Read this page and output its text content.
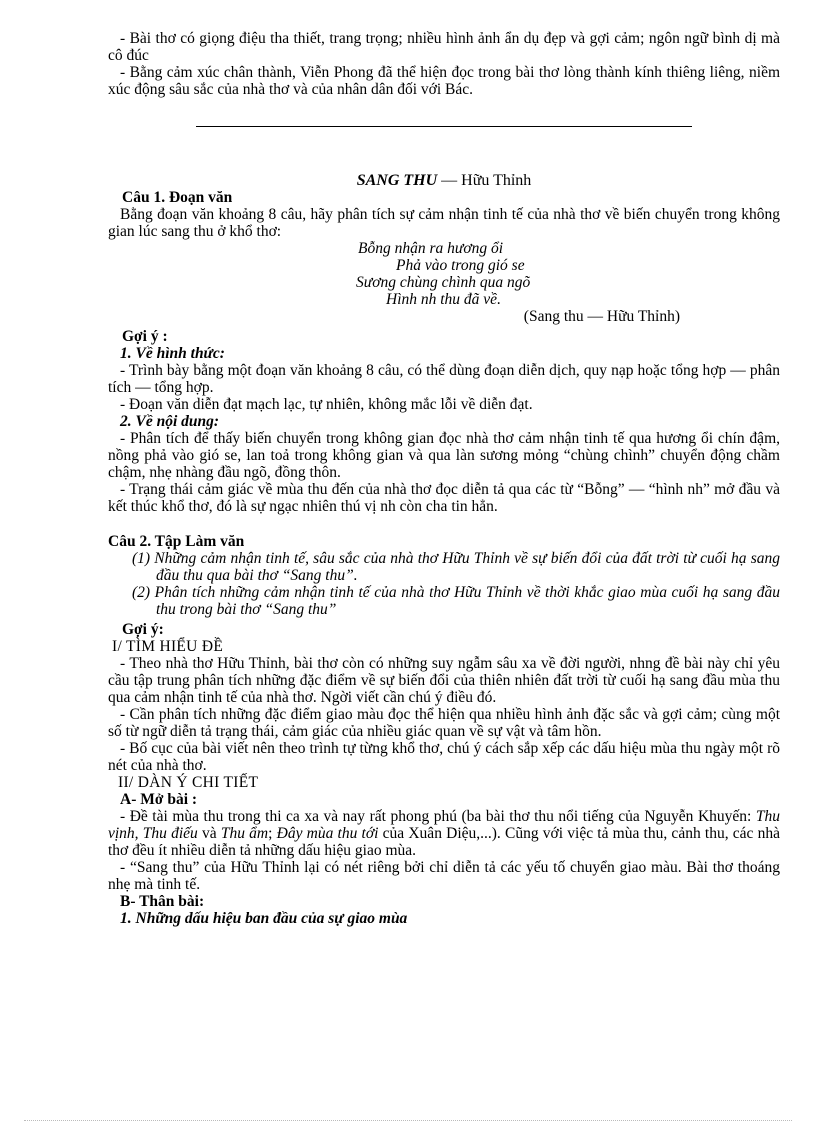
- Bài thơ có giọng điệu tha thiết, trang trọng; nhiều hình ảnh ẩn dụ đẹp và gợi cảm; ngôn ngữ bình dị mà cô đúc

- Bằng cảm xúc chân thành, Viễn Phong đã thể hiện đọc trong bài thơ lòng thành kính thiêng liêng, niềm xúc động sâu sắc của nhà thơ và của nhân dân đối với Bác.

SANG THU — Hữu Thỉnh

Câu 1. Đoạn văn

Bằng đoạn văn khoảng 8 câu, hãy phân tích sự cảm nhận tinh tế của nhà thơ về biến chuyển trong không gian lúc sang thu ở khổ thơ:

Bỗng nhận ra hương ổi

Phả vào trong gió se

Sương chùng chình qua ngõ

Hình nh thu đã về.

(Sang thu — Hữu Thỉnh)

Gợi ý :

1. Về hình thức:

- Trình bày bằng một đoạn văn khoảng 8 câu, có thể dùng đoạn diễn dịch, quy nạp hoặc tổng hợp — phân tích — tổng hợp.

- Đoạn văn diễn đạt mạch lạc, tự nhiên, không mắc lỗi về diễn đạt.

2. Về nội dung:

- Phân tích để thấy biến chuyển trong không gian đọc nhà thơ cảm nhận tinh tế qua hương ổi chín đậm, nồng phả vào gió se, lan toả trong không gian và qua làn sương mỏng “chùng chình” chuyển động chầm chậm, nhẹ nhàng đầu ngõ, đồng thôn.

- Trạng thái cảm giác về mùa thu đến của nhà thơ đọc diễn tả qua các từ “Bỗng” — “hình nh” mở đầu và kết thúc khổ thơ, đó là sự ngạc nhiên thú vị nh còn cha tin hẳn.

Câu 2. Tập Làm văn

(1) Những cảm nhận tinh tế, sâu sắc của nhà thơ Hữu Thỉnh về sự biến đổi của đất trời từ cuối hạ sang đầu thu qua bài thơ “Sang thu”.

(2) Phân tích những cảm nhận tinh tế của nhà thơ Hữu Thỉnh về thời khắc giao mùa cuối hạ sang đầu thu trong bài thơ “Sang thu”

Gợi ý:

I/ TÌM HIỂU ĐỀ

- Theo nhà thơ Hữu Thỉnh, bài thơ còn có những suy ngẫm sâu xa về đời người, nhng đề bài này chỉ yêu cầu tập trung phân tích những đặc điểm về sự biến đổi của thiên nhiên đất trời từ cuối hạ sang đầu mùa thu qua cảm nhận tinh tế của nhà thơ. Ngời viết cần chú ý điều đó.

- Cần phân tích những đặc điểm giao màu đọc thể hiện qua nhiều hình ảnh đặc sắc và gợi cảm; cùng một số từ ngữ diễn tả trạng thái, cảm giác của nhiều giác quan về sự vật và tâm hồn.

- Bố cục của bài viết nên theo trình tự từng khổ thơ, chú ý cách sắp xếp các dấu hiệu mùa thu ngày một rõ nét của nhà thơ.

II/ DÀN Ý CHI TIẾT

A- Mở bài :

- Đề tài mùa thu trong thi ca xa và nay rất phong phú (ba bài thơ thu nổi tiếng của Nguyễn Khuyến: Thu vịnh, Thu điếu và Thu ẩm; Đây mùa thu tới của Xuân Diệu,...). Cũng với việc tả mùa thu, cảnh thu, các nhà thơ đều ít nhiều diễn tả những dấu hiệu giao mùa.

- “Sang thu” của Hữu Thỉnh lại có nét riêng bởi chỉ diễn tả các yếu tố chuyển giao màu. Bài thơ thoáng nhẹ mà tinh tế.

B- Thân bài:

1. Những dấu hiệu ban đầu của sự giao mùa
